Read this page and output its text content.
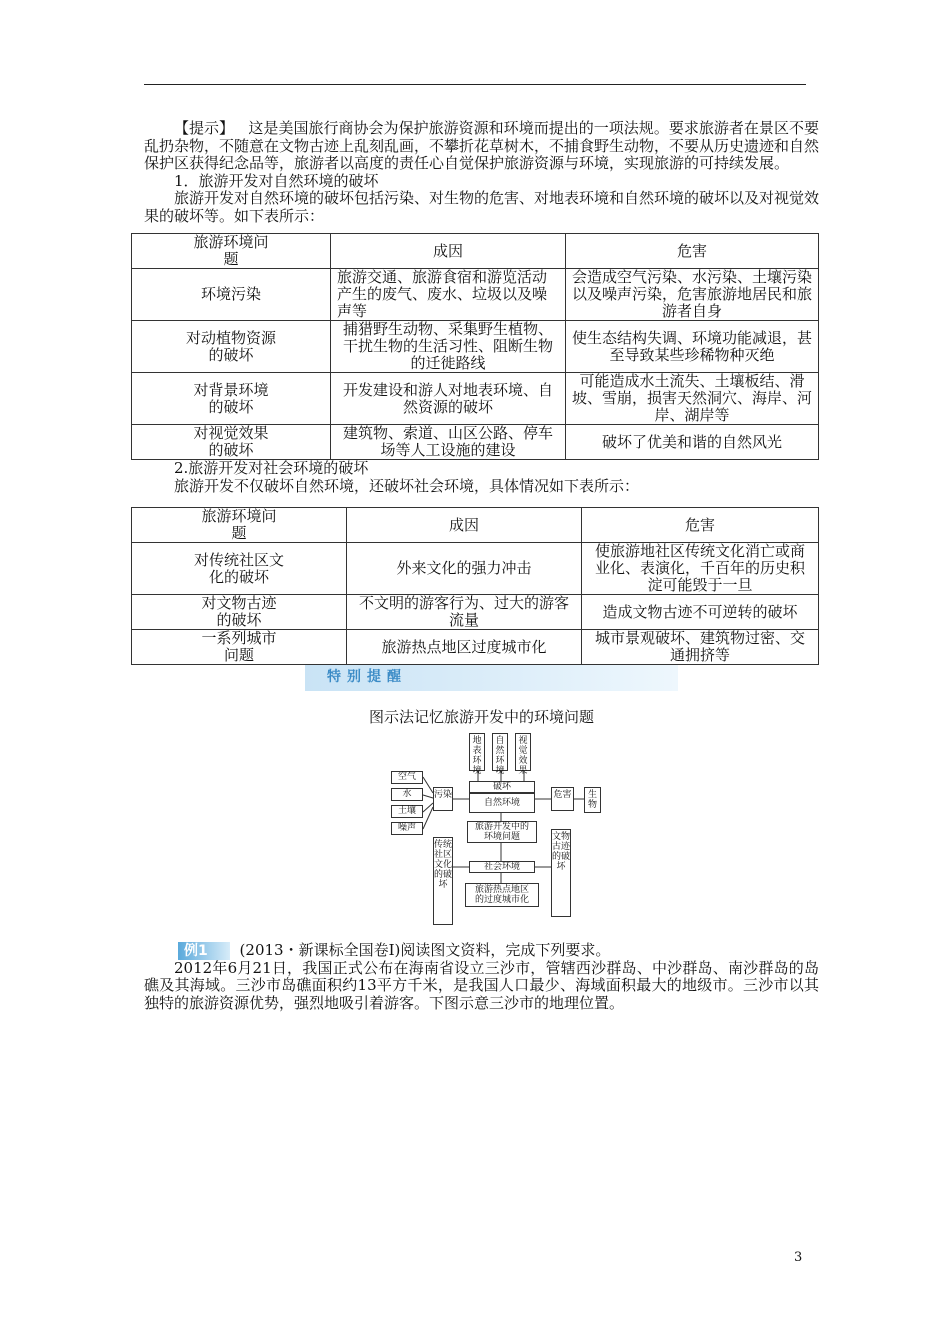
【提示】 这是美国旅行商协会为保护旅游资源和环境而提出的一项法规。要求旅游者在景区不要乱扔杂物，不随意在文物古迹上乱刻乱画，不攀折花草树木，不捕食野生动物，不要从历史遗迹和自然保护区获得纪念品等，旅游者以高度的责任心自觉保护旅游资源与环境，实现旅游的可持续发展。

1．旅游开发对自然环境的破坏

旅游开发对自然环境的破坏包括污染、对生物的危害、对地表环境和自然环境的破坏以及对视觉效果的破坏等。如下表所示：

旅游环境问题	成因	危害
环境污染	旅游交通、旅游食宿和游览活动产生的废气、废水、垃圾以及噪声等	会造成空气污染、水污染、土壤污染以及噪声污染，危害旅游地居民和旅游者自身

对动植物资源的破坏	捕猎野生动物、采集野生植物、干扰生物的生活习性、阻断生物的迁徙路线	使生态结构失调、环境功能减退，甚至导致某些珍稀物种灭绝

对背景环境的破坏	开发建设和游人对地表环境、自然资源的破坏	可能造成水土流失、土壤板结、滑坡、雪崩，损害天然洞穴、海岸、河岸、湖岸等

对视觉效果的破坏	建筑物、索道、山区公路、停车场等人工设施的建设	破坏了优美和谐的自然风光

2.旅游开发对社会环境的破坏

旅游开发不仅破坏自然环境，还破坏社会环境，具体情况如下表所示：

旅游环境问题	成因	危害

对传统社区文化的破坏	外来文化的强力冲击	使旅游地社区传统文化消亡或商业化、表演化，千百年的历史积淀可能毁于一旦

对文物古迹的破坏	不文明的游客行为、过大的游客流量	造成文物古迹不可逆转的破坏

一系列城市问题	旅游热点地区过度城市化	城市景观破坏、建筑物过密、交通拥挤等
特别提醒
图示法记忆旅游开发中的环境问题
地表环境
自然环境
视觉效果
破坏
空气
水
土壤
噪声
污染
自然环境
危害	生物
旅游开发中的环境问题
传统社区文化的破坏
社会环境
文物古迹的破坏
旅游热点地区的过度城市化

例1 (2013・新课标全国卷Ⅰ)阅读图文资料，完成下列要求。

2012年6月21日，我国正式公布在海南省设立三沙市，管辖西沙群岛、中沙群岛、南沙群岛的岛礁及其海域。三沙市岛礁面积约13平方千米，是我国人口最少、海域面积最大的地级市。三沙市以其独特的旅游资源优势，强烈地吸引着游客。下图示意三沙市的地理位置。

3
